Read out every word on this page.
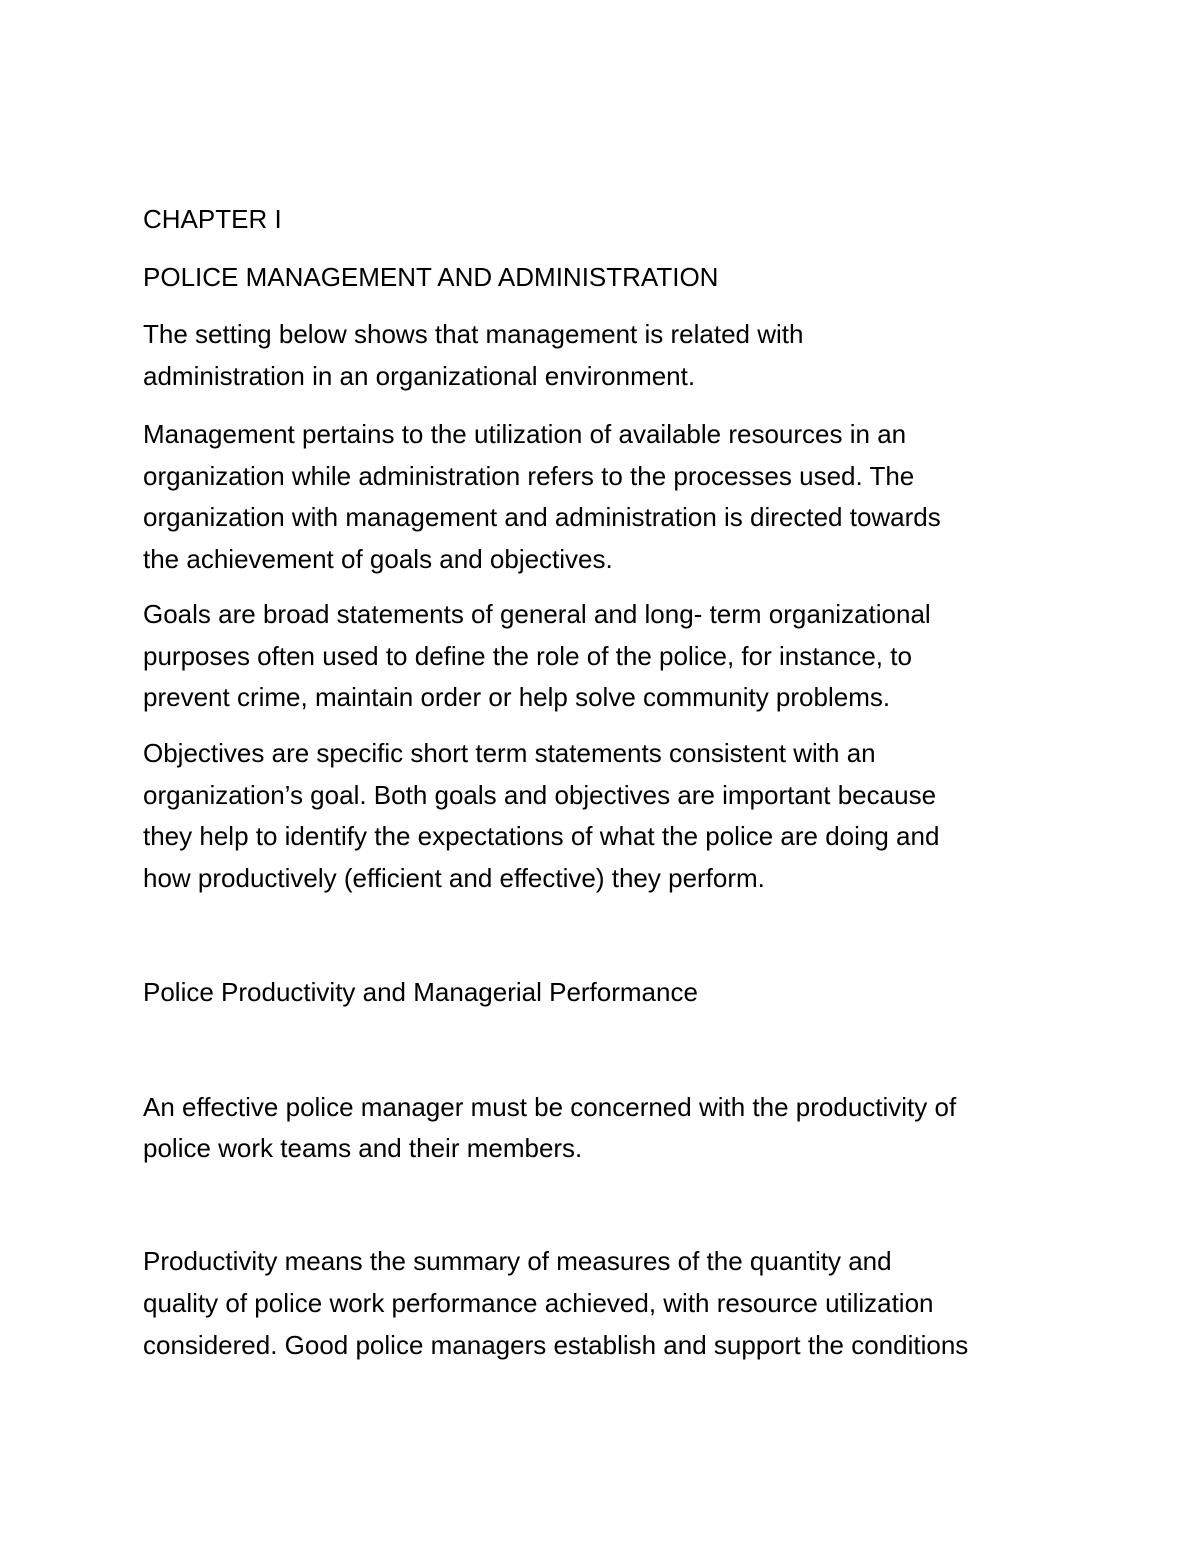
CHAPTER I

POLICE MANAGEMENT AND ADMINISTRATION

The setting below shows that management is related with

administration in an organizational environment.

Management pertains to the utilization of available resources in an

organization while administration refers to the processes used. The

organization with management and administration is directed towards

the achievement of goals and objectives.

Goals are broad statements of general and long- term organizational

purposes often used to define the role of the police, for instance, to

prevent crime, maintain order or help solve community problems.

Objectives are specific short term statements consistent with an

organization’s goal. Both goals and objectives are important because

they help to identify the expectations of what the police are doing and

how productively (efficient and effective) they perform.

Police Productivity and Managerial Performance

An effective police manager must be concerned with the productivity of

police work teams and their members.

Productivity means the summary of measures of the quantity and

quality of police work performance achieved, with resource utilization

considered. Good police managers establish and support the conditions
